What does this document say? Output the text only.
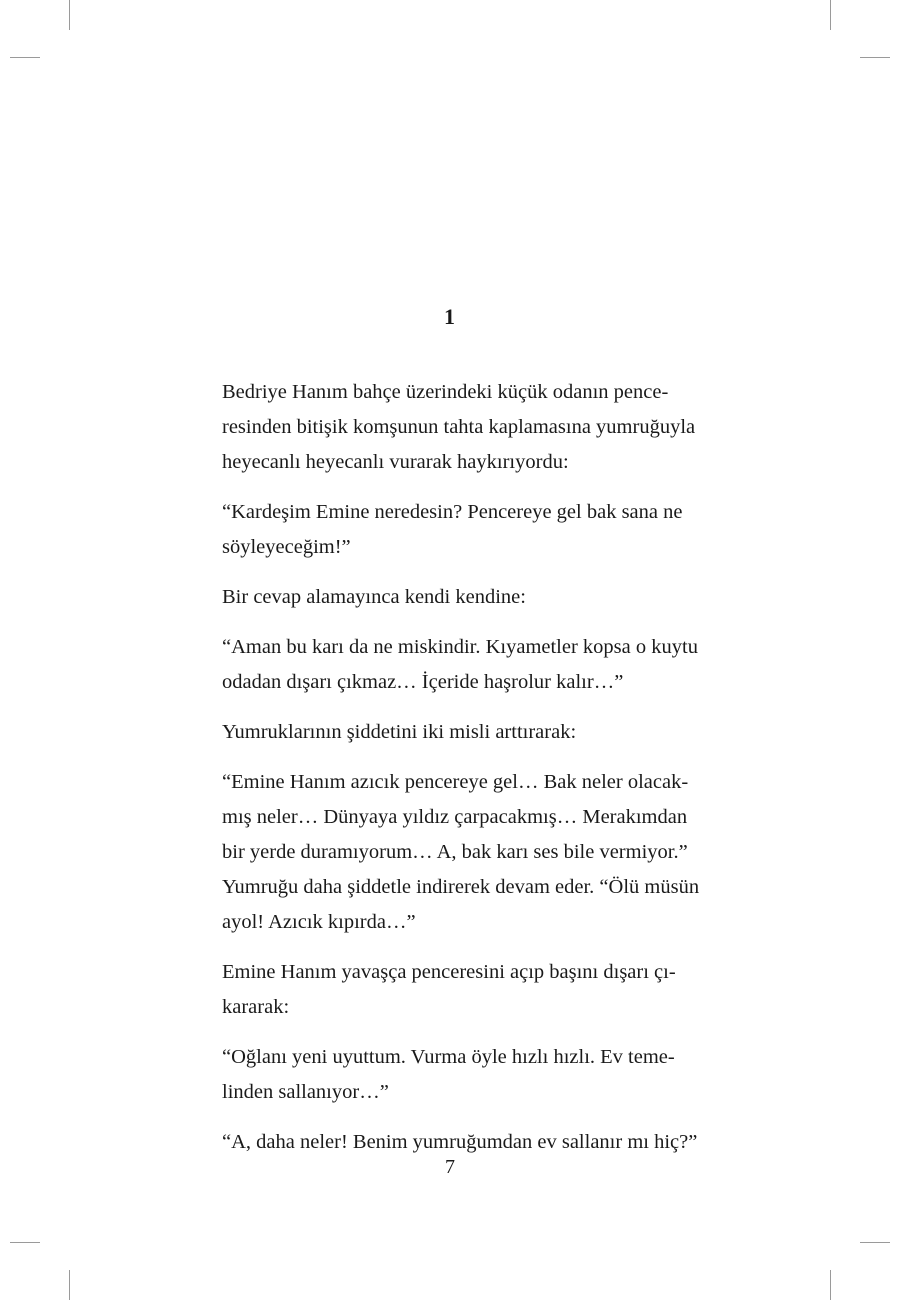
1

Bedriye Hanım bahçe üzerindeki küçük odanın pence-
resinden bitişik komşunun tahta kaplamasına yumruğuyla
heyecanlı heyecanlı vurarak haykırıyordu:

“Kardeşim Emine neredesin? Pencereye gel bak sana ne
söyleyeceğim!”

Bir cevap alamayınca kendi kendine:

“Aman bu karı da ne miskindir. Kıyametler kopsa o kuytu
odadan dışarı çıkmaz… İçeride haşrolur kalır…”

Yumruklarının şiddetini iki misli arttırarak:

“Emine Hanım azıcık pencereye gel… Bak neler olacak-
mış neler… Dünyaya yıldız çarpacakmış… Merakımdan
bir yerde duramıyorum… A, bak karı ses bile vermiyor.”
Yumruğu daha şiddetle indirerek devam eder. “Ölü müsün
ayol! Azıcık kıpırda…”

Emine Hanım yavaşça penceresini açıp başını dışarı çı-
kararak:

“Oğlanı yeni uyuttum. Vurma öyle hızlı hızlı. Ev teme-
linden sallanıyor…”

“A, daha neler! Benim yumruğumdan ev sallanır mı hiç?”

7
